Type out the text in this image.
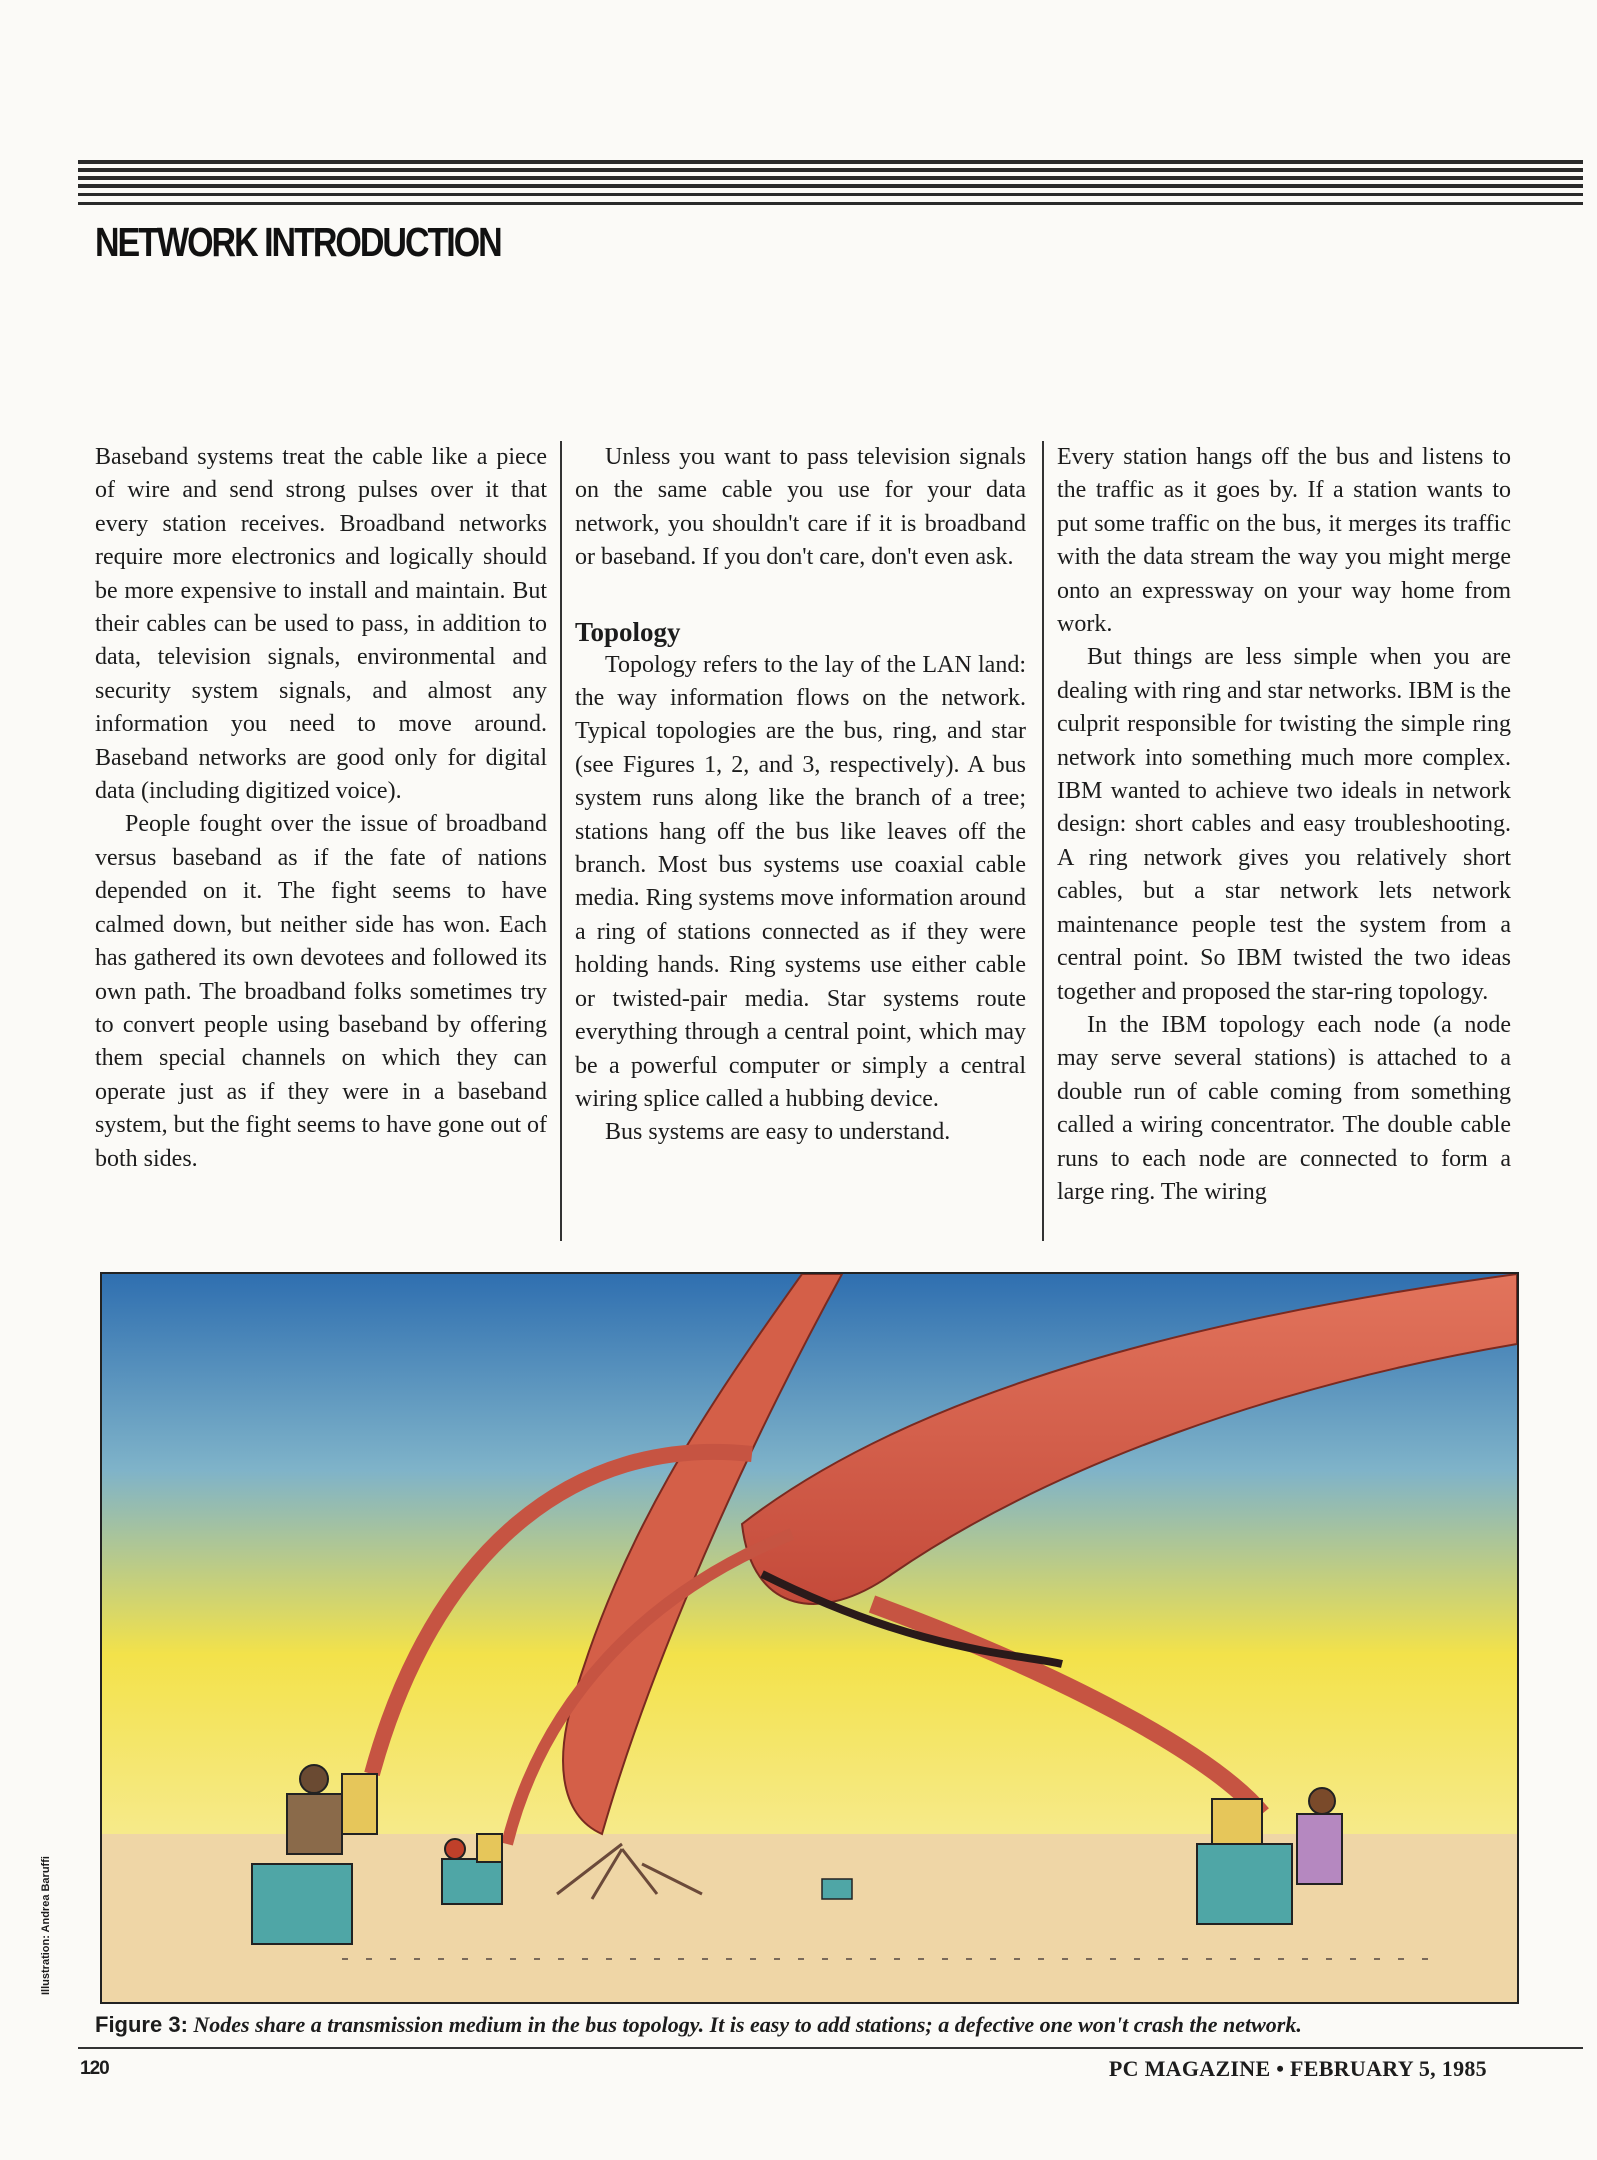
NETWORK INTRODUCTION

Baseband systems treat the cable like a piece of wire and send strong pulses over it that every station receives. Broadband networks require more electronics and logically should be more expensive to install and maintain. But their cables can be used to pass, in addition to data, television signals, environmental and security system signals, and almost any information you need to move around. Baseband networks are good only for digital data (including digitized voice).

People fought over the issue of broadband versus baseband as if the fate of nations depended on it. The fight seems to have calmed down, but neither side has won. Each has gathered its own devotees and followed its own path. The broadband folks sometimes try to convert people using baseband by offering them special channels on which they can operate just as if they were in a baseband system, but the fight seems to have gone out of both sides.

Unless you want to pass television signals on the same cable you use for your data network, you shouldn't care if it is broadband or baseband. If you don't care, don't even ask.

Topology

Topology refers to the lay of the LAN land: the way information flows on the network. Typical topologies are the bus, ring, and star (see Figures 1, 2, and 3, respectively). A bus system runs along like the branch of a tree; stations hang off the bus like leaves off the branch. Most bus systems use coaxial cable media. Ring systems move information around a ring of stations connected as if they were holding hands. Ring systems use either cable or twisted-pair media. Star systems route everything through a central point, which may be a powerful computer or simply a central wiring splice called a hubbing device.

Bus systems are easy to understand.

Every station hangs off the bus and listens to the traffic as it goes by. If a station wants to put some traffic on the bus, it merges its traffic with the data stream the way you might merge onto an expressway on your way home from work.

But things are less simple when you are dealing with ring and star networks. IBM is the culprit responsible for twisting the simple ring network into something much more complex. IBM wanted to achieve two ideals in network design: short cables and easy troubleshooting. A ring network gives you relatively short cables, but a star network lets network maintenance people test the system from a central point. So IBM twisted the two ideas together and proposed the star-ring topology.

In the IBM topology each node (a node may serve several stations) is attached to a double run of cable coming from something called a wiring concentrator. The double cable runs to each node are connected to form a large ring. The wiring

Figure 3: Nodes share a transmission medium in the bus topology. It is easy to add stations; a defective one won't crash the network.

Illustration: Andrea Baruffi
120	PC MAGAZINE • FEBRUARY 5, 1985
